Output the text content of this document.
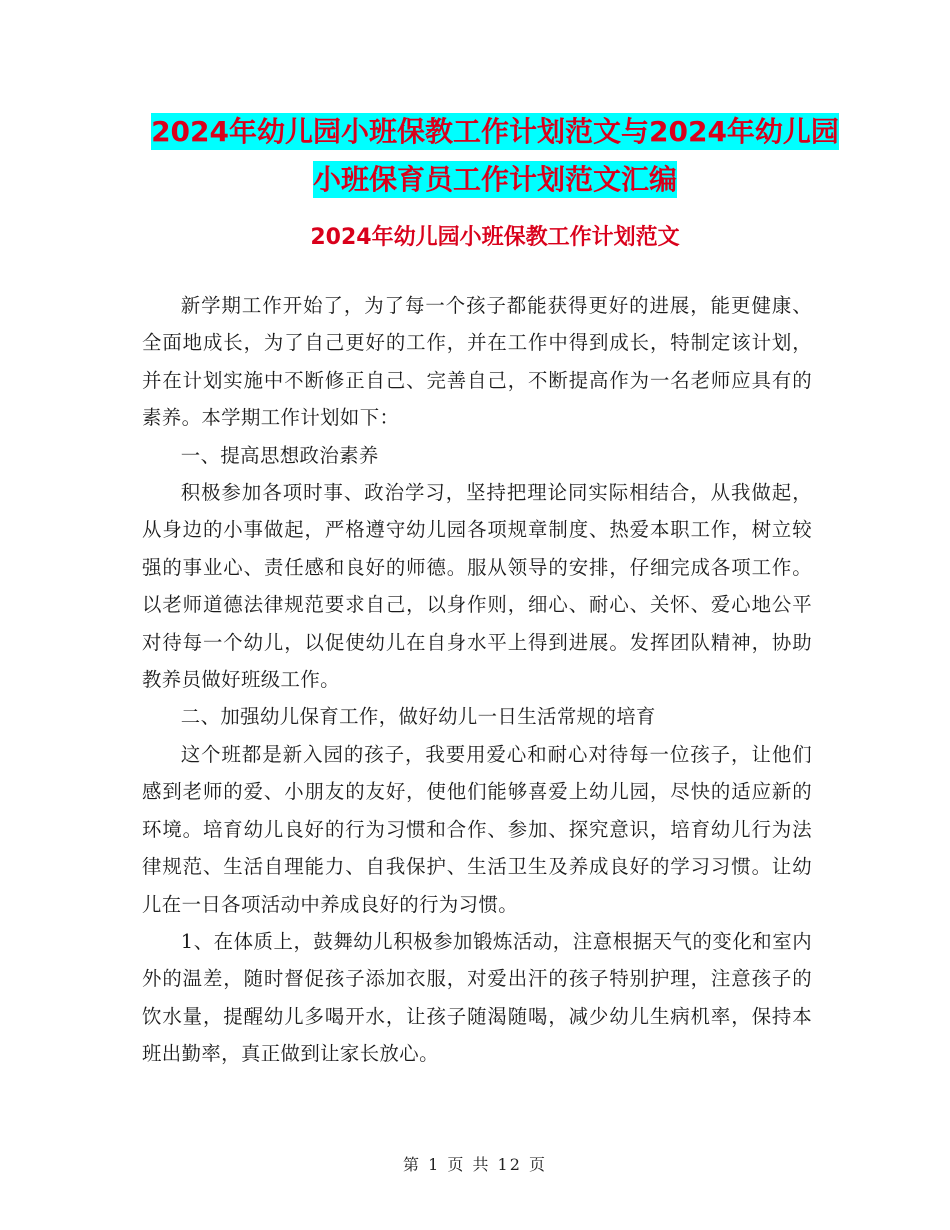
2024年幼儿园小班保教工作计划范文与2024年幼儿园小班保育员工作计划范文汇编
2024年幼儿园小班保教工作计划范文

新学期工作开始了，为了每一个孩子都能获得更好的进展，能更健康、全面地成长，为了自己更好的工作，并在工作中得到成长，特制定该计划，并在计划实施中不断修正自己、完善自己，不断提高作为一名老师应具有的素养。本学期工作计划如下：

一、提高思想政治素养

积极参加各项时事、政治学习，坚持把理论同实际相结合，从我做起，从身边的小事做起，严格遵守幼儿园各项规章制度、热爱本职工作，树立较强的事业心、责任感和良好的师德。服从领导的安排，仔细完成各项工作。以老师道德法律规范要求自己，以身作则，细心、耐心、关怀、爱心地公平对待每一个幼儿，以促使幼儿在自身水平上得到进展。发挥团队精神，协助教养员做好班级工作。

二、加强幼儿保育工作，做好幼儿一日生活常规的培育

这个班都是新入园的孩子，我要用爱心和耐心对待每一位孩子，让他们感到老师的爱、小朋友的友好，使他们能够喜爱上幼儿园，尽快的适应新的环境。培育幼儿良好的行为习惯和合作、参加、探究意识，培育幼儿行为法律规范、生活自理能力、自我保护、生活卫生及养成良好的学习习惯。让幼儿在一日各项活动中养成良好的行为习惯。

1、在体质上，鼓舞幼儿积极参加锻炼活动，注意根据天气的变化和室内外的温差，随时督促孩子添加衣服，对爱出汗的孩子特别护理，注意孩子的饮水量，提醒幼儿多喝开水，让孩子随渴随喝，减少幼儿生病机率，保持本班出勤率，真正做到让家长放心。

第 1 页 共 12 页
